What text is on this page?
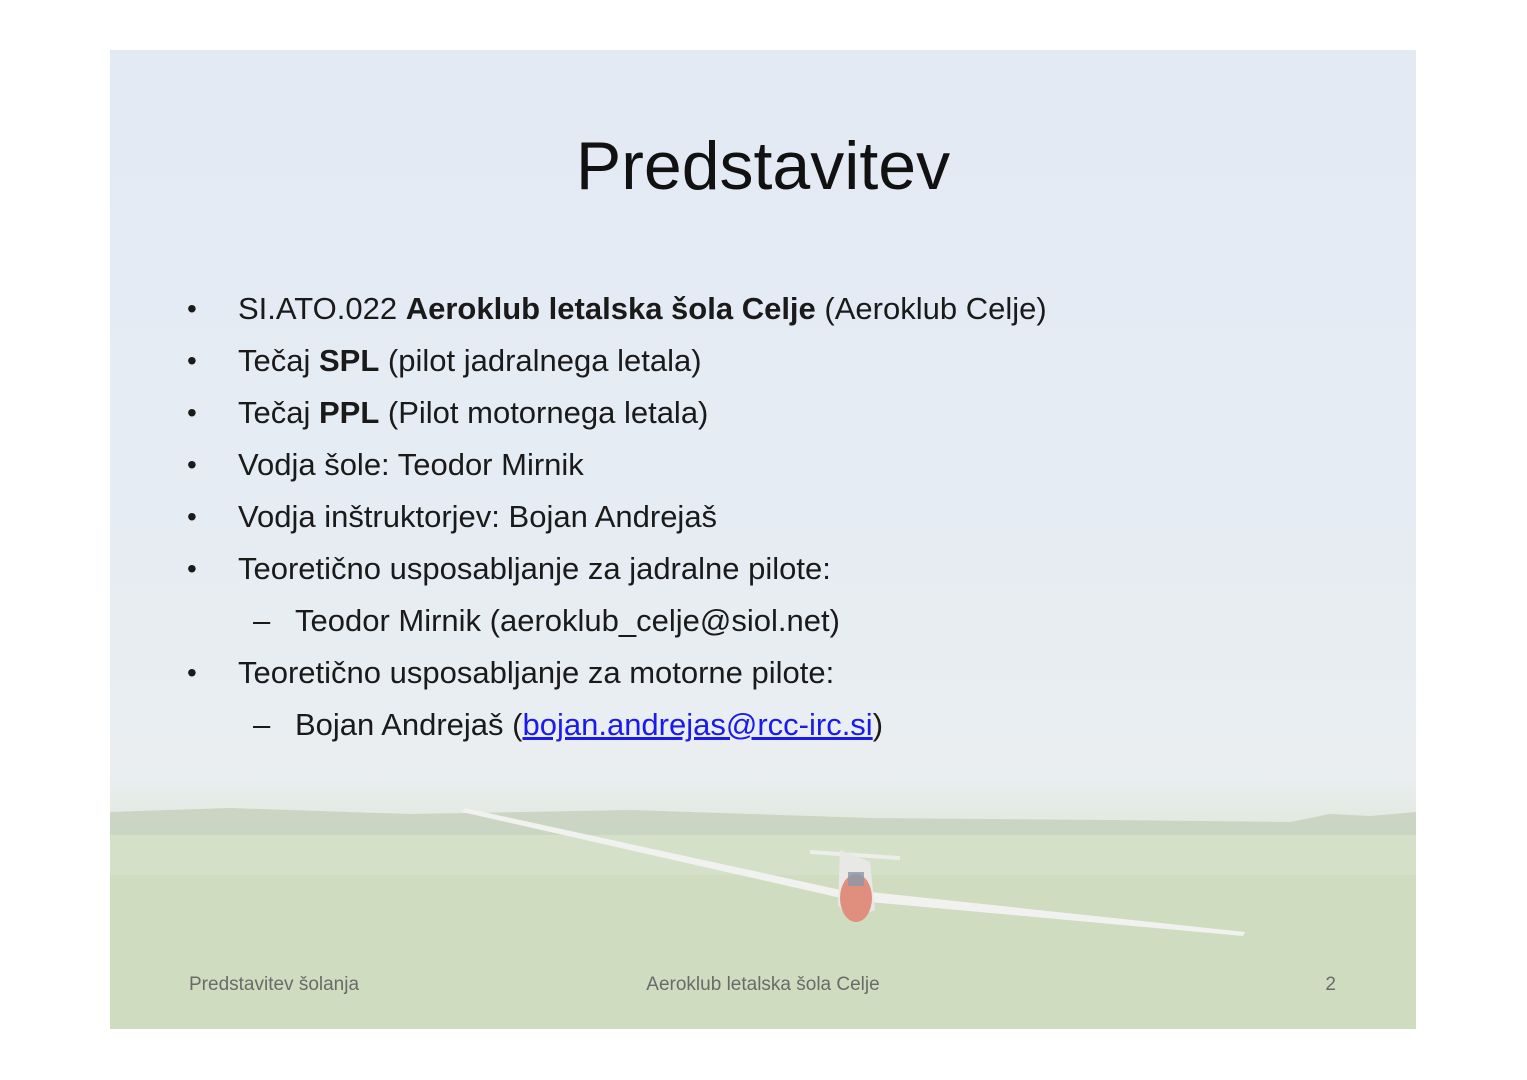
Predstavitev
• SI.ATO.022 Aeroklub letalska šola Celje (Aeroklub Celje)
• Tečaj SPL (pilot jadralnega letala)
• Tečaj PPL (Pilot motornega letala)
• Vodja šole: Teodor Mirnik
• Vodja inštruktorjev: Bojan Andrejaš
• Teoretično usposabljanje za jadralne pilote:
– Teodor Mirnik (aeroklub_celje@siol.net)
• Teoretično usposabljanje za motorne pilote:
– Bojan Andrejaš (bojan.andrejas@rcc-irc.si)
Predstavitev šolanja	Aeroklub letalska šola Celje	2
